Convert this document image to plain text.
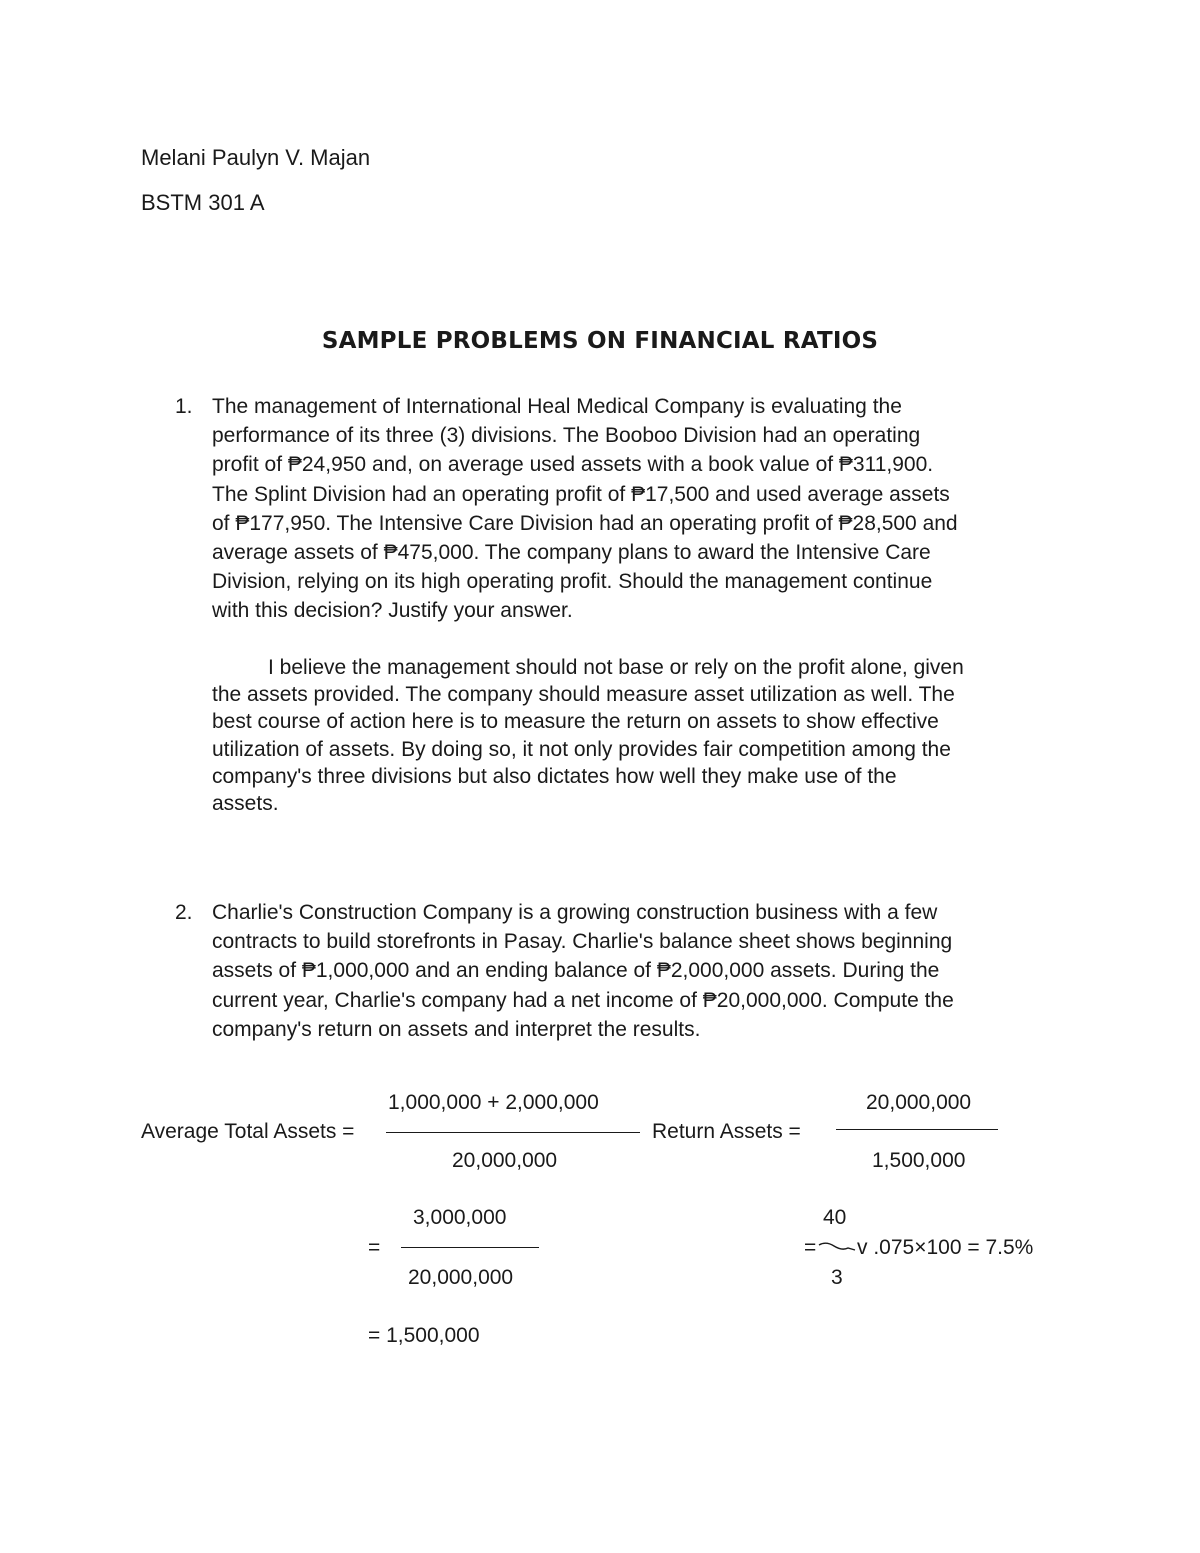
Melani Paulyn V. Majan
BSTM 301 A
SAMPLE PROBLEMS ON FINANCIAL RATIOS
1. The management of International Heal Medical Company is evaluating the
performance of its three (3) divisions. The Booboo Division had an operating
profit of ₱24,950 and, on average used assets with a book value of ₱311,900.
The Splint Division had an operating profit of ₱17,500 and used average assets
of ₱177,950. The Intensive Care Division had an operating profit of ₱28,500 and
average assets of ₱475,000. The company plans to award the Intensive Care
Division, relying on its high operating profit. Should the management continue
with this decision? Justify your answer.
I believe the management should not base or rely on the profit alone, given
the assets provided. The company should measure asset utilization as well. The
best course of action here is to measure the return on assets to show effective
utilization of assets. By doing so, it not only provides fair competition among the
company's three divisions but also dictates how well they make use of the
assets.
2. Charlie's Construction Company is a growing construction business with a few
contracts to build storefronts in Pasay. Charlie's balance sheet shows beginning
assets of ₱1,000,000 and an ending balance of ₱2,000,000 assets. During the
current year, Charlie's company had a net income of ₱20,000,000. Compute the
company's return on assets and interpret the results.
1,000,000 + 2,000,000
Average Total Assets =
20,000,000
20,000,000
Return Assets =
1,500,000
3,000,000
=
20,000,000
40
= v .075×100 = 7.5%
3
= 1,500,000
